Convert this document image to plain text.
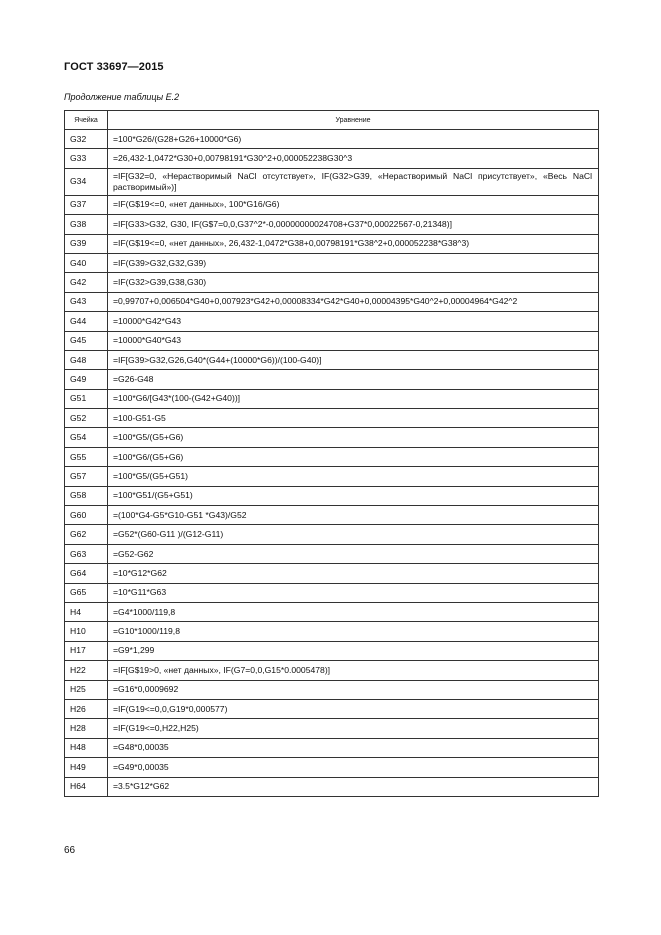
ГОСТ 33697—2015
Продолжение таблицы Е.2
Ячейка	Уравнение
G32	=100*G26/(G28+G26+10000*G6)
G33	=26,432-1,0472*G30+0,00798191*G30^2+0,000052238G30^3
G34	=IF[G32=0, «Нерастворимый NaCl отсутствует», IF(G32>G39, «Нерастворимый NaCl присутствует», «Весь NaCl растворимый»)]
G37	=IF(G$19<=0, «нет данных», 100*G16/G6)
G38	=IF[G33>G32, G30, IF(G$7=0,0,G37^2*-0,00000000024708+G37*0,00022567-0,21348)]
G39	=IF(G$19<=0, «нет данных», 26,432-1,0472*G38+0,00798191*G38^2+0,000052238*G38^3)
G40	=IF(G39>G32,G32,G39)
G42	=IF(G32>G39,G38,G30)
G43	=0,99707+0,006504*G40+0,007923*G42+0,00008334*G42*G40+0,00004395*G40^2+0,00004964*G42^2
G44	=10000*G42*G43
G45	=10000*G40*G43
G48	=IF[G39>G32,G26,G40*(G44+(10000*G6))/(100-G40)]
G49	=G26-G48
G51	=100*G6/[G43*(100-(G42+G40))]
G52	=100-G51-G5
G54	=100*G5/(G5+G6)
G55	=100*G6/(G5+G6)
G57	=100*G5/(G5+G51)
G58	=100*G51/(G5+G51)
G60	=(100*G4-G5*G10-G51 *G43)/G52
G62	=G52*(G60-G11 )/(G12-G11)
G63	=G52-G62
G64	=10*G12*G62
G65	=10*G11*G63
H4	=G4*1000/119,8
H10	=G10*1000/119,8
H17	=G9*1,299
H22	=IF[G$19>0, «нет данных», IF(G7=0,0,G15*0.0005478)]
H25	=G16*0,0009692
H26	=IF(G19<=0,0,G19*0,000577)
H28	=IF(G19<=0,H22,H25)
H48	=G48*0,00035
H49	=G49*0,00035
H64	=3.5*G12*G62
66
